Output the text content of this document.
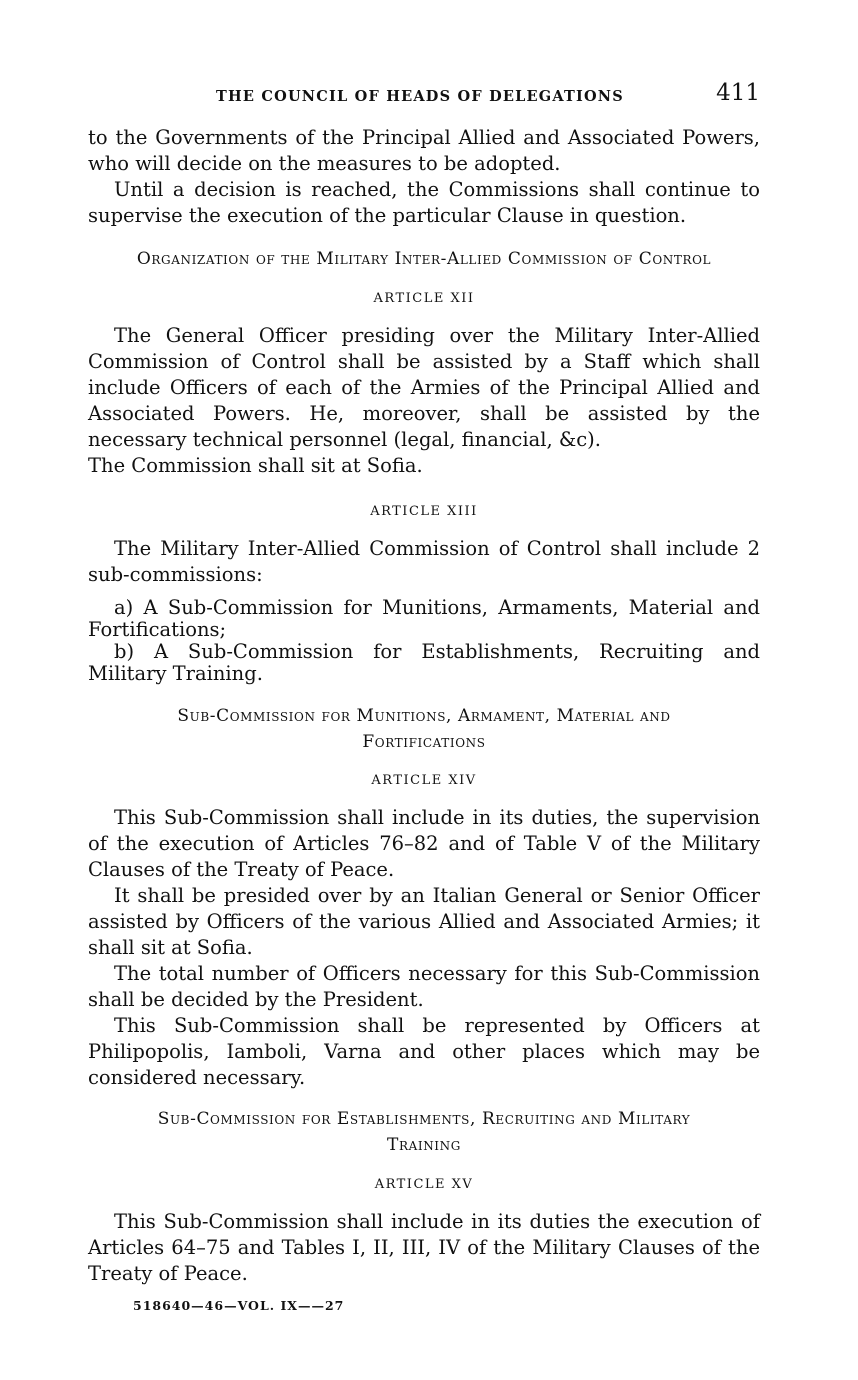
THE COUNCIL OF HEADS OF DELEGATIONS	411

to the Governments of the Principal Allied and Associated Powers, who will decide on the measures to be adopted.

Until a decision is reached, the Commissions shall continue to supervise the execution of the particular Clause in question.

Organization of the Military Inter-Allied Commission of Control

ARTICLE XII

The General Officer presiding over the Military Inter-Allied Commission of Control shall be assisted by a Staff which shall include Officers of each of the Armies of the Principal Allied and Associated Powers. He, moreover, shall be assisted by the necessary technical personnel (legal, financial, &c).

The Commission shall sit at Sofia.

ARTICLE XIII

The Military Inter-Allied Commission of Control shall include 2 sub-commissions:

a) A Sub-Commission for Munitions, Armaments, Material and Fortifications;

b) A Sub-Commission for Establishments, Recruiting and Military Training.

Sub-Commission for Munitions, Armament, Material and

Fortifications

ARTICLE XIV

This Sub-Commission shall include in its duties, the supervision of the execution of Articles 76–82 and of Table V of the Military Clauses of the Treaty of Peace.

It shall be presided over by an Italian General or Senior Officer assisted by Officers of the various Allied and Associated Armies; it shall sit at Sofia.

The total number of Officers necessary for this Sub-Commission shall be decided by the President.

This Sub-Commission shall be represented by Officers at Philipopolis, Iamboli, Varna and other places which may be considered necessary.

Sub-Commission for Establishments, Recruiting and Military

Training

ARTICLE XV

This Sub-Commission shall include in its duties the execution of Articles 64–75 and Tables I, II, III, IV of the Military Clauses of the Treaty of Peace.

518640—46—VOL. IX——27
